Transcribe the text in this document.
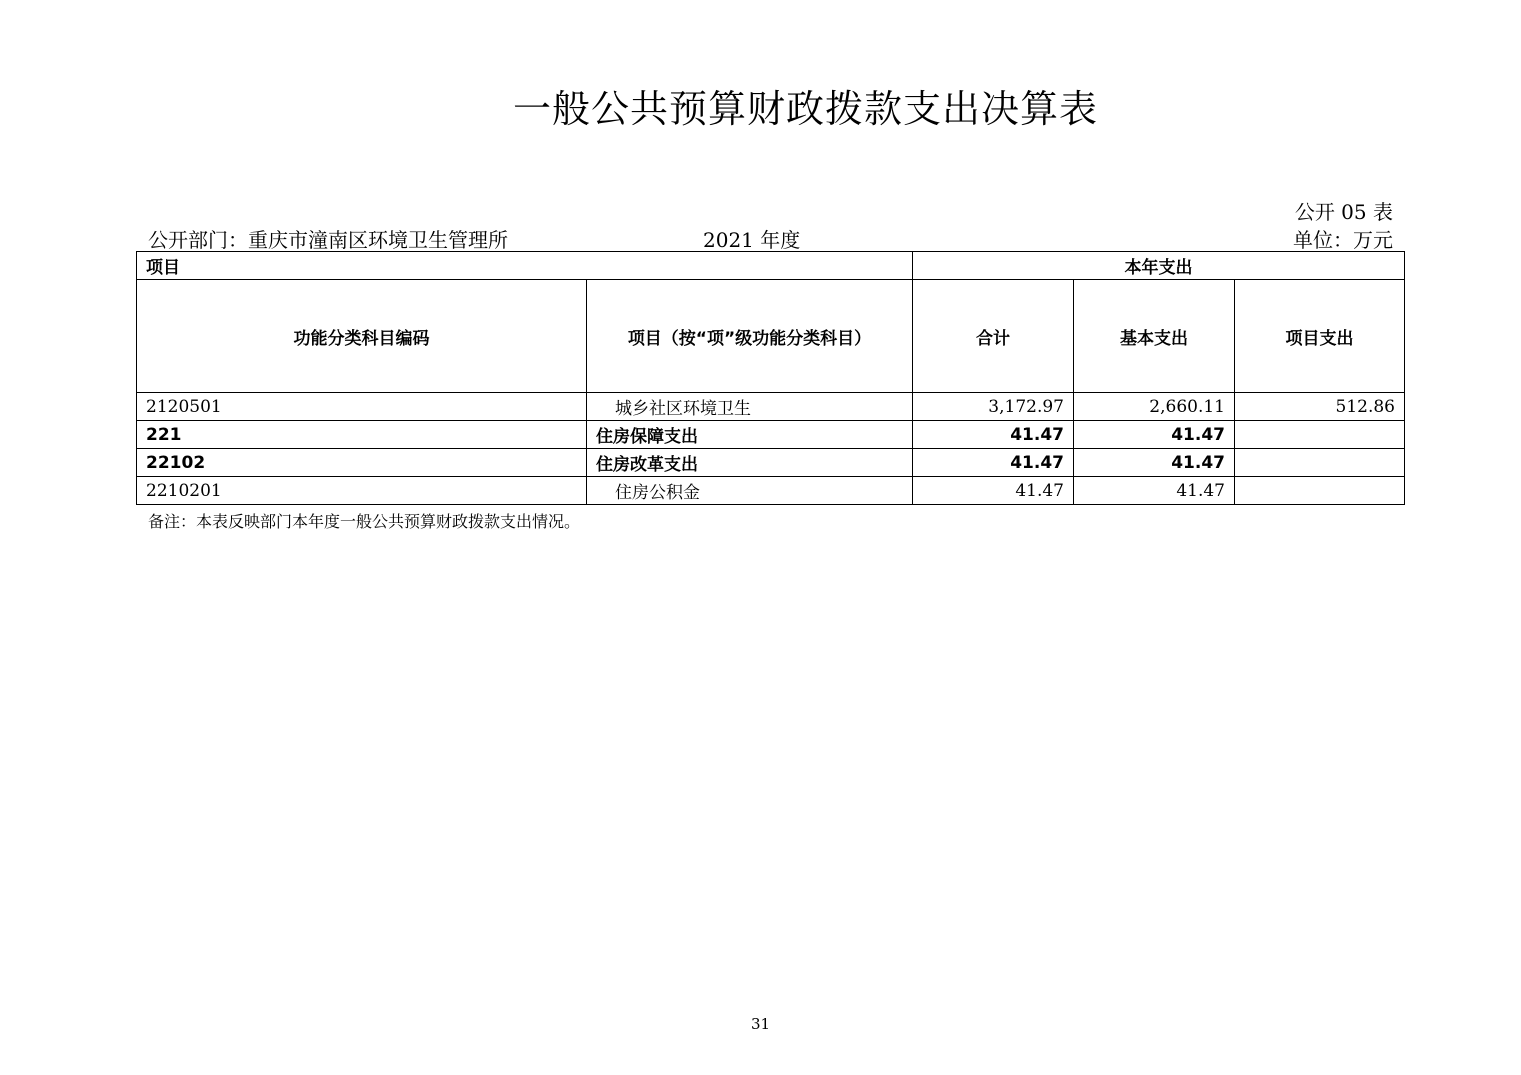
一般公共预算财政拨款支出决算表
公开 05 表
公开部门：重庆市潼南区环境卫生管理所	2021 年度	单位：万元
项目		本年支出		
功能分类科目编码	项目（按“项”级功能分类科目）	合计	基本支出	项目支出
2120501	城乡社区环境卫生	3,172.97	2,660.11	512.86
221	住房保障支出	41.47	41.47	
22102	住房改革支出	41.47	41.47	
2210201	住房公积金	41.47	41.47	
备注：本表反映部门本年度一般公共预算财政拨款支出情况。
31
